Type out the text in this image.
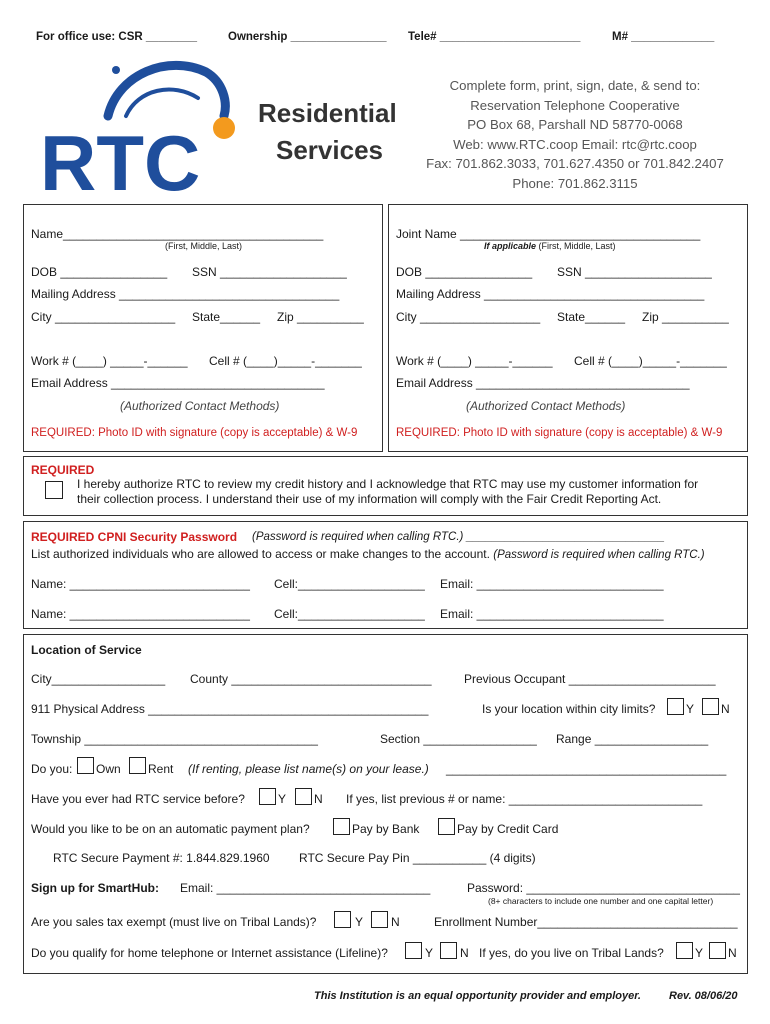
For office use: CSR ________	Ownership _______________ Tele# ______________________	M# _____________
RTC
Residential
Services
Complete form, print, sign, date, & send to:
Reservation Telephone Cooperative
PO Box 68, Parshall ND 58770-0068
Web: www.RTC.coop Email: rtc@rtc.coop
Fax: 701.862.3033, 701.627.4350 or 701.842.2407
Phone: 701.862.3115
Name_______________________________________
(First, Middle, Last)
DOB ________________ SSN ___________________
Mailing Address _________________________________
City __________________ State______ Zip __________
Work # (____) _____-______ Cell # (____)_____-_______
Email Address ________________________________
(Authorized Contact Methods)
REQUIRED: Photo ID with signature (copy is acceptable) & W-9
Joint Name ____________________________________
If applicable (First, Middle, Last)
DOB ________________ SSN ___________________
Mailing Address _________________________________
City __________________ State______ Zip __________
Work # (____) _____-______ Cell # (____)_____-_______
Email Address ________________________________
(Authorized Contact Methods)
REQUIRED: Photo ID with signature (copy is acceptable) & W-9
REQUIRED
I hereby authorize RTC to review my credit history and I acknowledge that RTC may use my customer information for
their collection process. I understand their use of my information will comply with the Fair Credit Reporting Act.
REQUIRED CPNI Security Password (Password is required when calling RTC.) _______________________________
List authorized individuals who are allowed to access or make changes to the account. (Password is required when calling RTC.)
Name: ___________________________ Cell:___________________ Email: ____________________________
Name: ___________________________ Cell:___________________ Email: ____________________________
Location of Service
City_________________ County ______________________________	Previous Occupant ______________________
911 Physical Address __________________________________________	Is your location within city limits?	Y N
Township ___________________________________	Section _________________ Range _________________
Do you: Own Rent (If renting, please list name(s) on your lease.) __________________________________________
Have you ever had RTC service before?	Y N If yes, list previous # or name: _____________________________
Would you like to be on an automatic payment plan?	Pay by Bank	Pay by Credit Card
RTC Secure Payment #: 1.844.829.1960 RTC Secure Pay Pin ___________ (4 digits)
Sign up for SmartHub: Email: ________________________________	Password: ________________________________
(8+ characters to include one number and one capital letter)
Are you sales tax exempt (must live on Tribal Lands)?	Y N	Enrollment Number______________________________
Do you qualify for home telephone or Internet assistance (Lifeline)?	Y N If yes, do you live on Tribal Lands?	Y N
This Institution is an equal opportunity provider and employer.	Rev. 08/06/20
